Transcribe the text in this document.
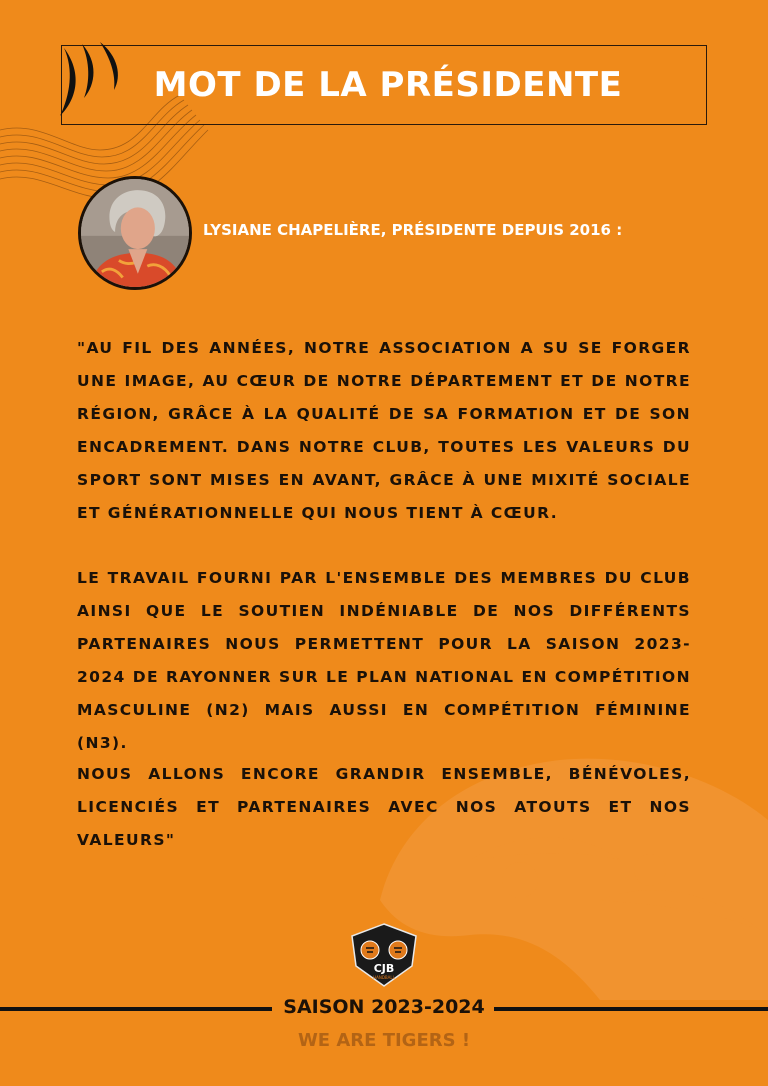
MOT DE LA PRÉSIDENTE

LYSIANE CHAPELIÈRE, PRÉSIDENTE DEPUIS 2016 :

"AU FIL DES ANNÉES, NOTRE ASSOCIATION A SU SE FORGER UNE IMAGE, AU CŒUR DE NOTRE DÉPARTEMENT ET DE NOTRE RÉGION, GRÂCE À LA QUALITÉ DE SA FORMATION ET DE SON ENCADREMENT. DANS NOTRE CLUB, TOUTES LES VALEURS DU SPORT SONT MISES EN AVANT, GRÂCE À UNE MIXITÉ SOCIALE ET GÉNÉRATIONNELLE QUI NOUS TIENT À CŒUR.

LE TRAVAIL FOURNI PAR L'ENSEMBLE DES MEMBRES DU CLUB AINSI QUE LE SOUTIEN INDÉNIABLE DE NOS DIFFÉRENTS PARTENAIRES NOUS PERMETTENT POUR LA SAISON 2023-2024 DE RAYONNER SUR LE PLAN NATIONAL EN COMPÉTITION MASCULINE (N2) MAIS AUSSI EN COMPÉTITION FÉMININE (N3).

NOUS ALLONS ENCORE GRANDIR ENSEMBLE, BÉNÉVOLES, LICENCIÉS ET PARTENAIRES AVEC NOS ATOUTS ET NOS VALEURS"

CJB
HANDBALL

SAISON 2023-2024

WE ARE TIGERS !
